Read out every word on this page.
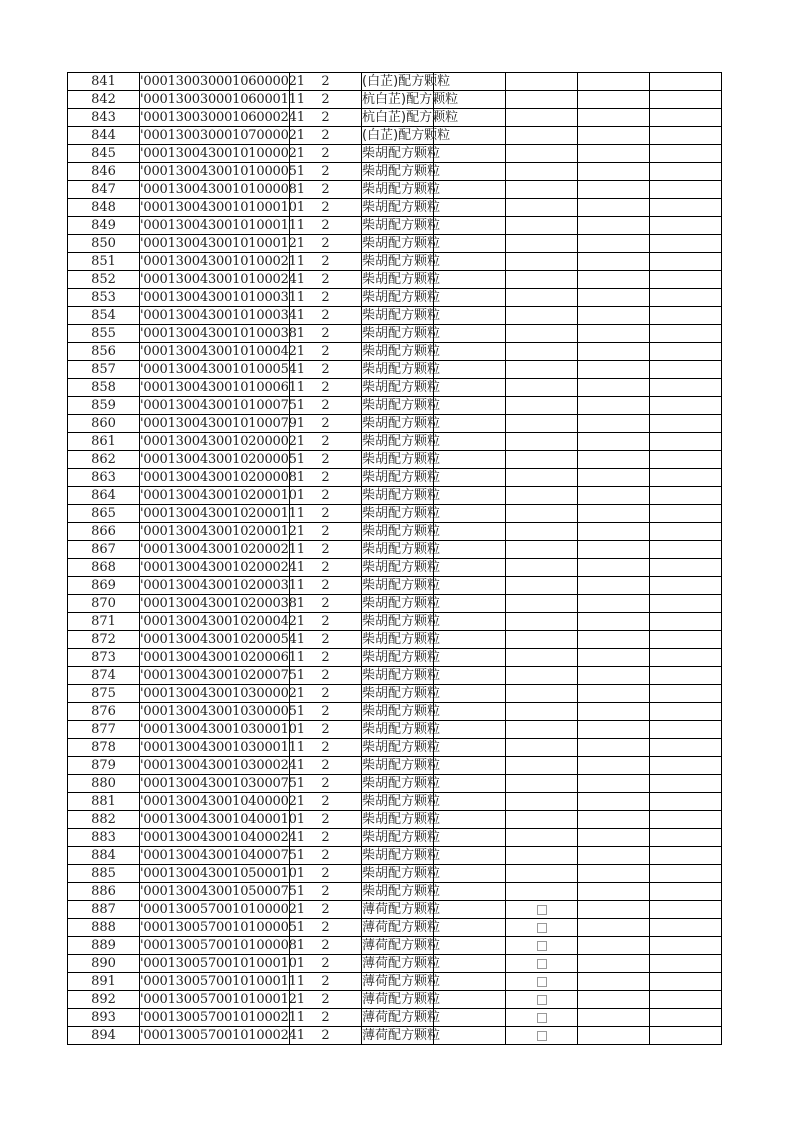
841	'00013003000106000021	2	(白芷)配方颗粒				

842	'00013003000106000111	2	杭白芷)配方颗粒				

843	'00013003000106000241	2	杭白芷)配方颗粒				

844	'00013003000107000021	2	(白芷)配方颗粒				

845	'00013004300101000021	2	柴胡配方颗粒				

846	'00013004300101000051	2	柴胡配方颗粒				

847	'00013004300101000081	2	柴胡配方颗粒				

848	'00013004300101000101	2	柴胡配方颗粒				

849	'00013004300101000111	2	柴胡配方颗粒				

850	'00013004300101000121	2	柴胡配方颗粒				

851	'00013004300101000211	2	柴胡配方颗粒				

852	'00013004300101000241	2	柴胡配方颗粒				

853	'00013004300101000311	2	柴胡配方颗粒				

854	'00013004300101000341	2	柴胡配方颗粒				

855	'00013004300101000381	2	柴胡配方颗粒				

856	'00013004300101000421	2	柴胡配方颗粒				

857	'00013004300101000541	2	柴胡配方颗粒				

858	'00013004300101000611	2	柴胡配方颗粒				

859	'00013004300101000751	2	柴胡配方颗粒				

860	'00013004300101000791	2	柴胡配方颗粒				

861	'00013004300102000021	2	柴胡配方颗粒				

862	'00013004300102000051	2	柴胡配方颗粒				

863	'00013004300102000081	2	柴胡配方颗粒				

864	'00013004300102000101	2	柴胡配方颗粒				

865	'00013004300102000111	2	柴胡配方颗粒				

866	'00013004300102000121	2	柴胡配方颗粒				

867	'00013004300102000211	2	柴胡配方颗粒				

868	'00013004300102000241	2	柴胡配方颗粒				

869	'00013004300102000311	2	柴胡配方颗粒				

870	'00013004300102000381	2	柴胡配方颗粒				

871	'00013004300102000421	2	柴胡配方颗粒				

872	'00013004300102000541	2	柴胡配方颗粒				

873	'00013004300102000611	2	柴胡配方颗粒				

874	'00013004300102000751	2	柴胡配方颗粒				

875	'00013004300103000021	2	柴胡配方颗粒				

876	'00013004300103000051	2	柴胡配方颗粒				

877	'00013004300103000101	2	柴胡配方颗粒				

878	'00013004300103000111	2	柴胡配方颗粒				

879	'00013004300103000241	2	柴胡配方颗粒				

880	'00013004300103000751	2	柴胡配方颗粒				

881	'00013004300104000021	2	柴胡配方颗粒				

882	'00013004300104000101	2	柴胡配方颗粒				

883	'00013004300104000241	2	柴胡配方颗粒				

884	'00013004300104000751	2	柴胡配方颗粒				

885	'00013004300105000101	2	柴胡配方颗粒				

886	'00013004300105000751	2	柴胡配方颗粒				

887	'00013005700101000021	2	薄荷配方颗粒				

888	'00013005700101000051	2	薄荷配方颗粒				

889	'00013005700101000081	2	薄荷配方颗粒				

890	'00013005700101000101	2	薄荷配方颗粒				

891	'00013005700101000111	2	薄荷配方颗粒				

892	'00013005700101000121	2	薄荷配方颗粒				

893	'00013005700101000211	2	薄荷配方颗粒				

894	'00013005700101000241	2	薄荷配方颗粒				
